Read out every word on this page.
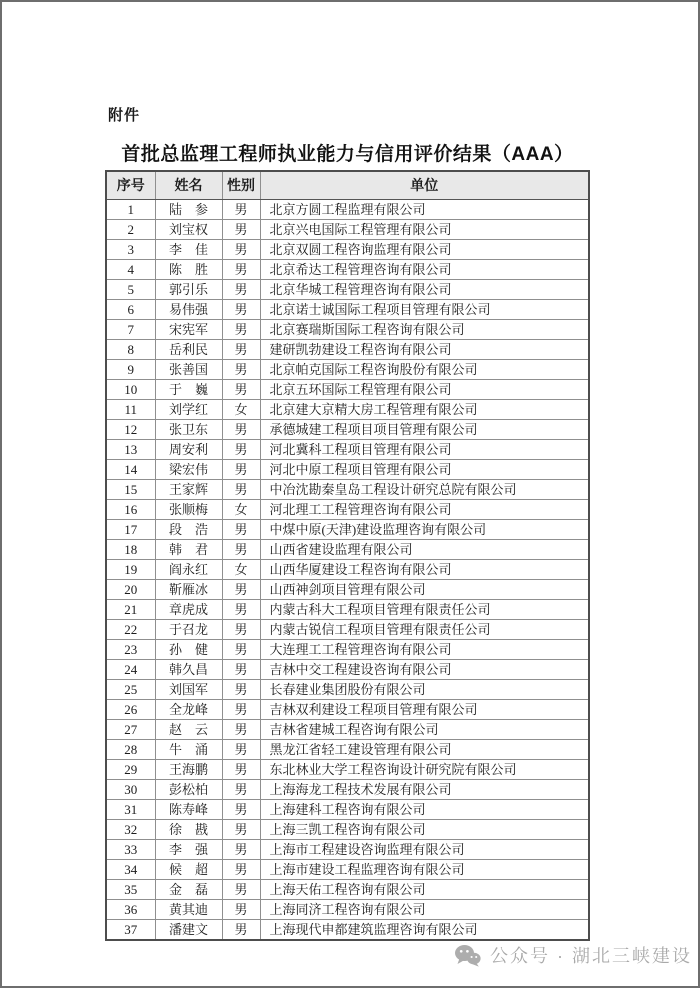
附件
首批总监理工程师执业能力与信用评价结果（AAA）
序号	姓名	性别	单位
1	陆　参	男	北京方圆工程监理有限公司
2	刘宝权	男	北京兴电国际工程管理有限公司
3	李　佳	男	北京双圆工程咨询监理有限公司
4	陈　胜	男	北京希达工程管理咨询有限公司
5	郭引乐	男	北京华城工程管理咨询有限公司
6	易伟强	男	北京诺士诚国际工程项目管理有限公司
7	宋宪军	男	北京赛瑞斯国际工程咨询有限公司
8	岳利民	男	建研凯勃建设工程咨询有限公司
9	张善国	男	北京帕克国际工程咨询股份有限公司
10	于　巍	男	北京五环国际工程管理有限公司
11	刘学红	女	北京建大京精大房工程管理有限公司
12	张卫东	男	承德城建工程项目项目管理有限公司
13	周安利	男	河北冀科工程项目管理有限公司
14	梁宏伟	男	河北中原工程项目管理有限公司
15	王家辉	男	中冶沈勘秦皇岛工程设计研究总院有限公司
16	张顺梅	女	河北理工工程管理咨询有限公司
17	段　浩	男	中煤中原(天津)建设监理咨询有限公司
18	韩　君	男	山西省建设监理有限公司
19	阎永红	女	山西华厦建设工程咨询有限公司
20	靳雁冰	男	山西神剑项目管理有限公司
21	章虎成	男	内蒙古科大工程项目管理有限责任公司
22	于召龙	男	内蒙古锐信工程项目管理有限责任公司
23	孙　健	男	大连理工工程管理咨询有限公司
24	韩久昌	男	吉林中交工程建设咨询有限公司
25	刘国军	男	长春建业集团股份有限公司
26	全龙峰	男	吉林双利建设工程项目管理有限公司
27	赵　云	男	吉林省建城工程咨询有限公司
28	牛　涌	男	黑龙江省轻工建设管理有限公司
29	王海鹏	男	东北林业大学工程咨询设计研究院有限公司
30	彭松柏	男	上海海龙工程技术发展有限公司
31	陈寿峰	男	上海建科工程咨询有限公司
32	徐　戡	男	上海三凯工程咨询有限公司
33	李　强	男	上海市工程建设咨询监理有限公司
34	候　超	男	上海市建设工程监理咨询有限公司
35	金　磊	男	上海天佑工程咨询有限公司
36	黄其迪	男	上海同济工程咨询有限公司
37	潘建文	男	上海现代申都建筑监理咨询有限公司
公众号 · 湖北三峡建设
